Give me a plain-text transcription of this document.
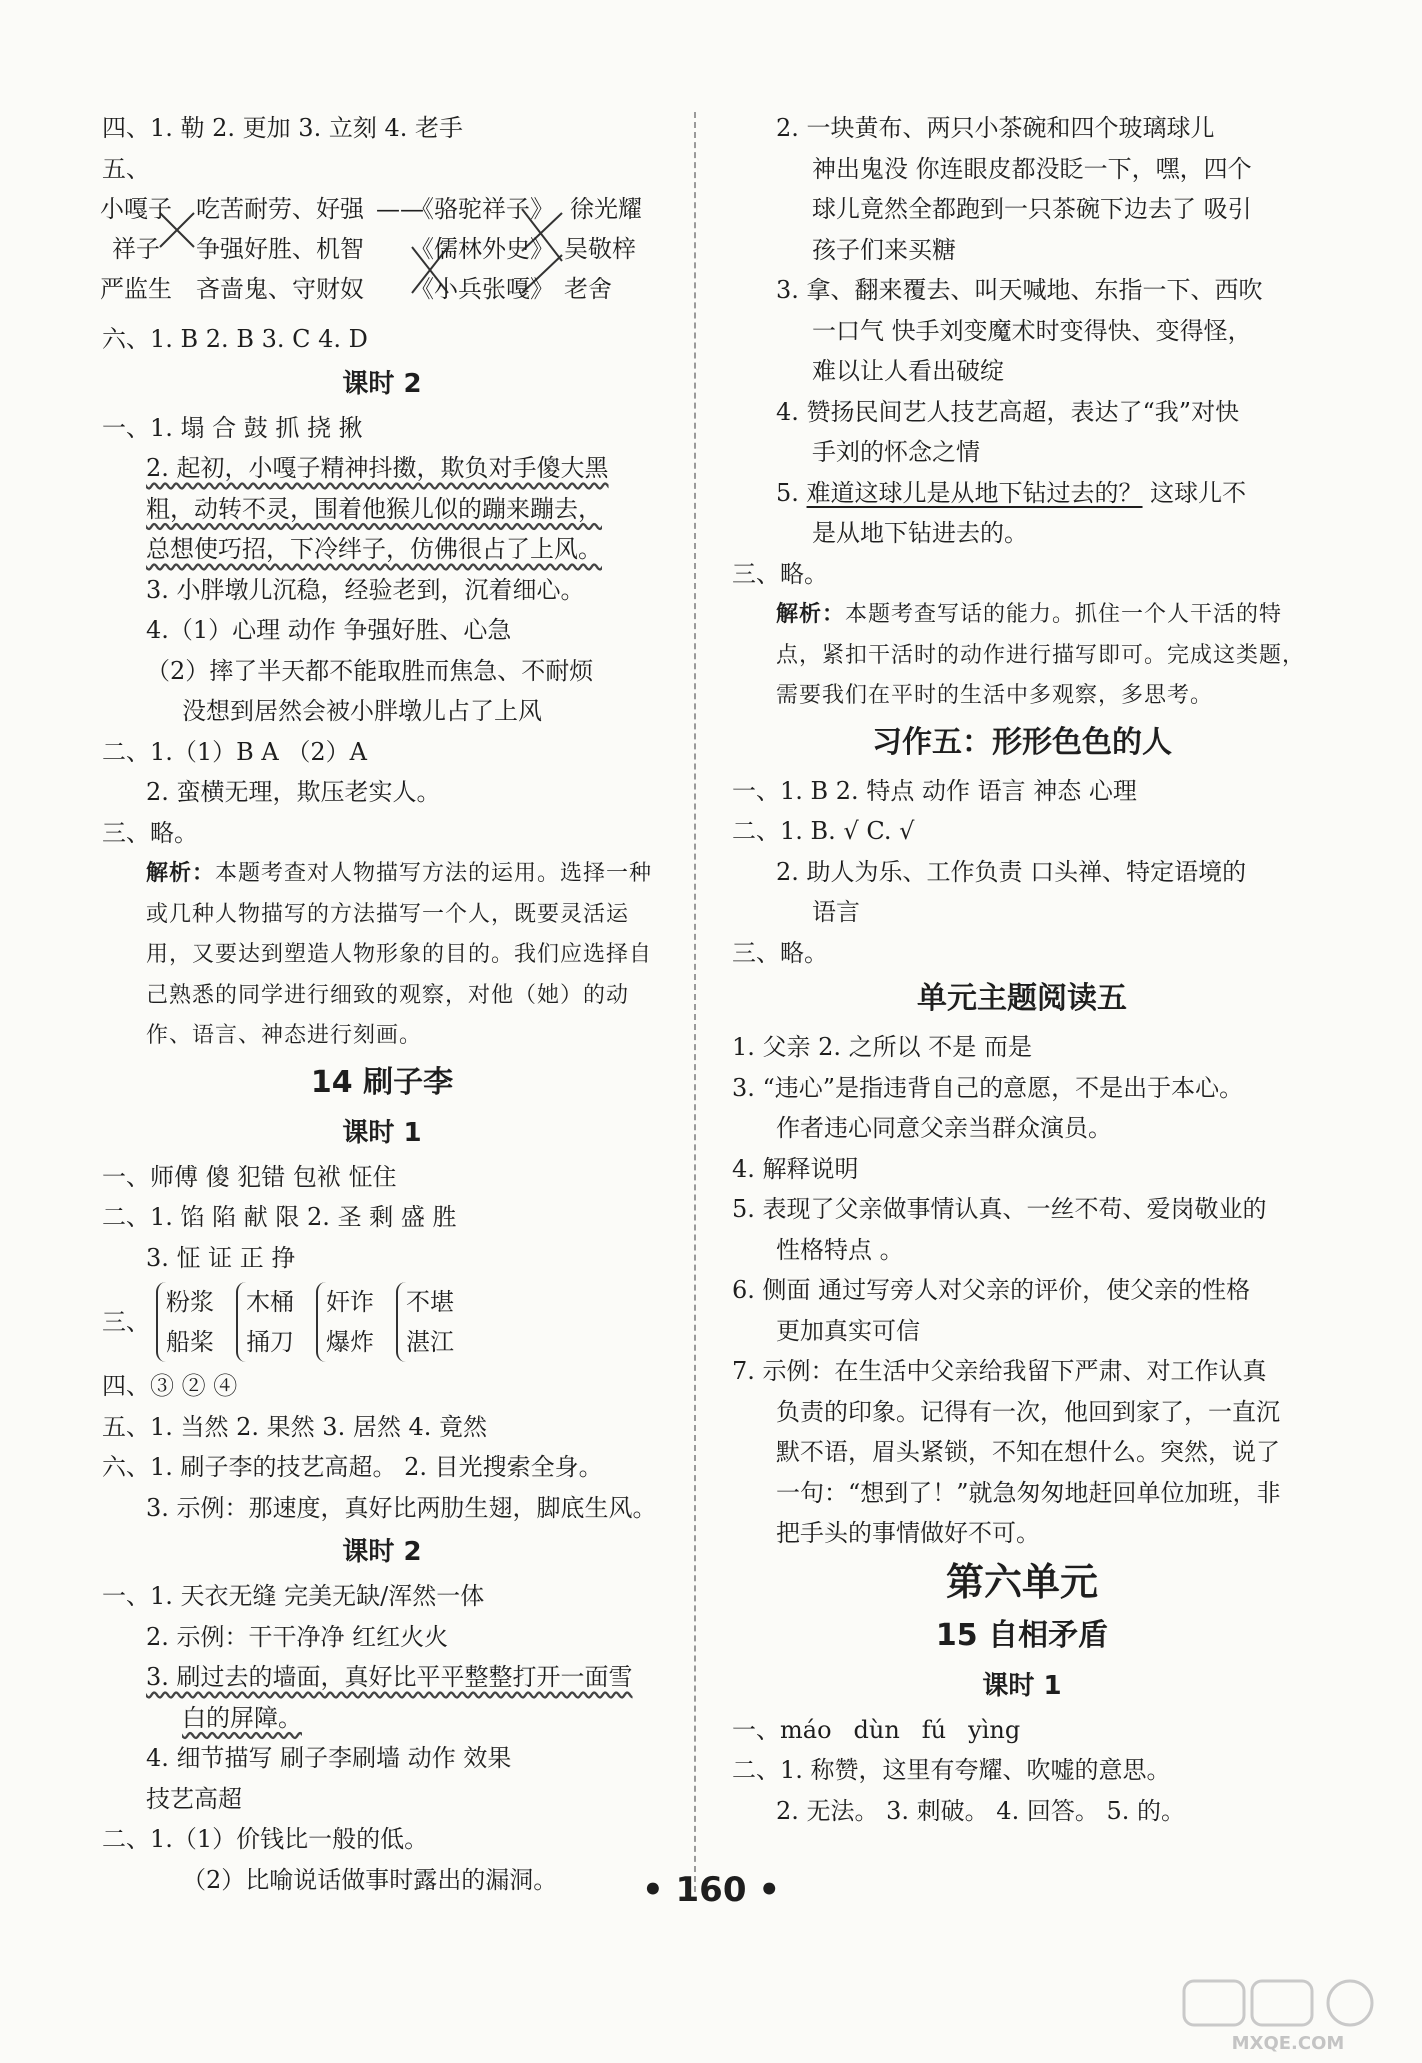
四、1. 勒 2. 更加 3. 立刻 4. 老手
五、
小嘎子
祥子
严监生
吃苦耐劳、好强
争强好胜、机智
吝啬鬼、守财奴
——
《骆驼祥子》
《儒林外史》
《小兵张嘎》
徐光耀
吴敬梓
老舍
六、1. B 2. B 3. C 4. D
课时 2
一、1. 塌 合 鼓 抓 挠 揪
2. 起初，小嘎子精神抖擞，欺负对手傻大黑
粗，动转不灵，围着他猴儿似的蹦来蹦去，
总想使巧招，下冷绊子，仿佛很占了上风。
3. 小胖墩儿沉稳，经验老到，沉着细心。
4.（1）心理 动作 争强好胜、心急
（2）摔了半天都不能取胜而焦急、不耐烦
没想到居然会被小胖墩儿占了上风
二、1.（1）B A （2）A
2. 蛮横无理，欺压老实人。
三、略。
解析：本题考查对人物描写方法的运用。选择一种或几种人物描写的方法描写一个人，既要灵活运用，又要达到塑造人物形象的目的。我们应选择自己熟悉的同学进行细致的观察，对他（她）的动作、语言、神态进行刻画。
14 刷子李
课时 1
一、师傅 傻 犯错 包袱 怔住
二、1. 馅 陷 献 限 2. 圣 剩 盛 胜
3. 怔 证 正 挣
三、
粉浆
船桨
木桶
捅刀
奸诈
爆炸
不堪
湛江
四、③ ② ④
五、1. 当然 2. 果然 3. 居然 4. 竟然
六、1. 刷子李的技艺高超。 2. 目光搜索全身。
3. 示例：那速度，真好比两肋生翅，脚底生风。
课时 2
一、1. 天衣无缝 完美无缺/浑然一体
2. 示例：干干净净 红红火火
3. 刷过去的墙面，真好比平平整整打开一面雪
白的屏障。
4. 细节描写 刷子李刷墙 动作 效果
技艺高超
二、1.（1）价钱比一般的低。
（2）比喻说话做事时露出的漏洞。
2. 一块黄布、两只小茶碗和四个玻璃球儿
神出鬼没 你连眼皮都没眨一下，嘿，四个
球儿竟然全都跑到一只茶碗下边去了 吸引
孩子们来买糖
3. 拿、翻来覆去、叫天喊地、东指一下、西吹
一口气 快手刘变魔术时变得快、变得怪，
难以让人看出破绽
4. 赞扬民间艺人技艺高超，表达了“我”对快
手刘的怀念之情
5. 难道这球儿是从地下钻过去的？ 这球儿不
是从地下钻进去的。
三、略。
解析：本题考查写话的能力。抓住一个人干活的特点，紧扣干活时的动作进行描写即可。完成这类题，需要我们在平时的生活中多观察，多思考。
习作五：形形色色的人
一、1. B 2. 特点 动作 语言 神态 心理
二、1. B. √ C. √
2. 助人为乐、工作负责 口头禅、特定语境的
语言
三、略。
单元主题阅读五
1. 父亲 2. 之所以 不是 而是
3. “违心”是指违背自己的意愿，不是出于本心。
作者违心同意父亲当群众演员。
4. 解释说明
5. 表现了父亲做事情认真、一丝不苟、爱岗敬业的
性格特点 。
6. 侧面 通过写旁人对父亲的评价，使父亲的性格
更加真实可信
7. 示例：在生活中父亲给我留下严肃、对工作认真
负责的印象。记得有一次，他回到家了，一直沉
默不语，眉头紧锁，不知在想什么。突然，说了
一句：“想到了！”就急匆匆地赶回单位加班，非
把手头的事情做好不可。
第六单元
15 自相矛盾
课时 1
一、máo dùn fú yìng
二、1. 称赞，这里有夸耀、吹嘘的意思。
2. 无法。 3. 刺破。 4. 回答。 5. 的。
• 160 •
MXQE.COM
